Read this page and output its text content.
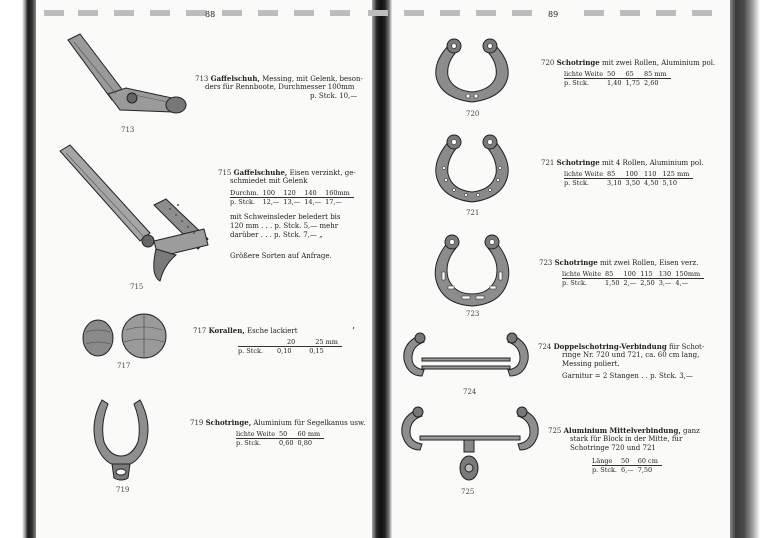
88	89
713
713 Gaffelschuh, Messing, mit Gelenk, beson-
ders für Rennboote, Durchmesser 100mm
p. Stck. 10,—
715
715 Gaffelschuhe, Eisen verzinkt, ge-
schmiedet mit Gelenk
Durchm.	100	120	140	160mm
p. Stck.	12,—	13,—	14,—	17,—
mit Schweinsleder beledert bis
120 mm . . . p. Stck. 5,— mehr
darüber . . . p. Stck. 7,— „
Größere Sorten auf Anfrage.
717
717 Korallen, Esche lackiert
	20	25 mm
p. Stck.	0,10	0,15
’
719
719 Schotringe, Aluminium für Segelkanus usw.
lichte Weite	50	60 mm
p. Stck.	0,60	0,80
720
720 Schotringe mit zwei Rollen, Aluminium pol.
lichte Weite	50	65	85 mm
p. Stck.	1,40	1,75	2,60
721
721 Schotringe mit 4 Rollen, Aluminium pol.
lichte Weite	85	100	110	125 mm
p. Stck.	3,10	3,50	4,50	5,10
723
723 Schotringe mit zwei Rollen, Eisen verz.
lichte Weite	85	100	115	130	150mm
p. Stck.	1,50	2,—	2,50	3,—	4,—
724
724 Doppelschotring-Verbindung für Schot-
ringe Nr. 720 und 721, ca. 60 cm lang,
Messing poliert.
Garnitur = 2 Stangen . . p. Stck. 3,—
725
725 Aluminium Mittelverbindung, ganz
stark für Block in der Mitte, für
Schotringe 720 und 721
Länge	50	60 cm
p. Stck.	6,—	7,50
